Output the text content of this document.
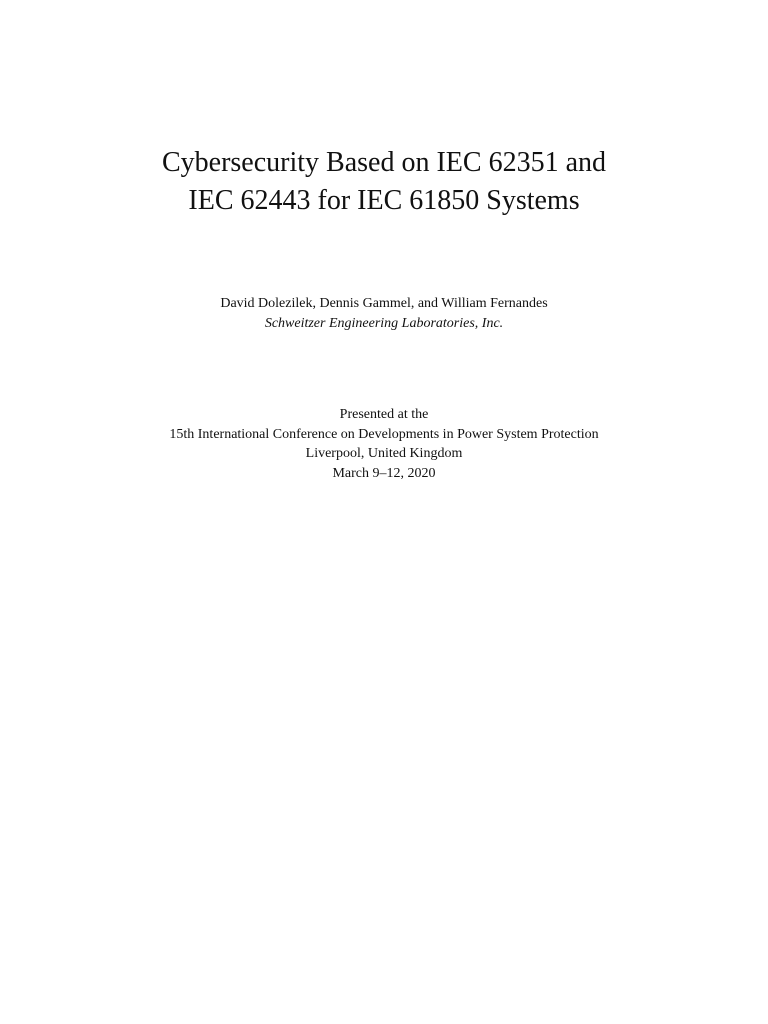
Cybersecurity Based on IEC 62351 and
IEC 62443 for IEC 61850 Systems
David Dolezilek, Dennis Gammel, and William Fernandes
Schweitzer Engineering Laboratories, Inc.
Presented at the
15th International Conference on Developments in Power System Protection
Liverpool, United Kingdom
March 9–12, 2020
